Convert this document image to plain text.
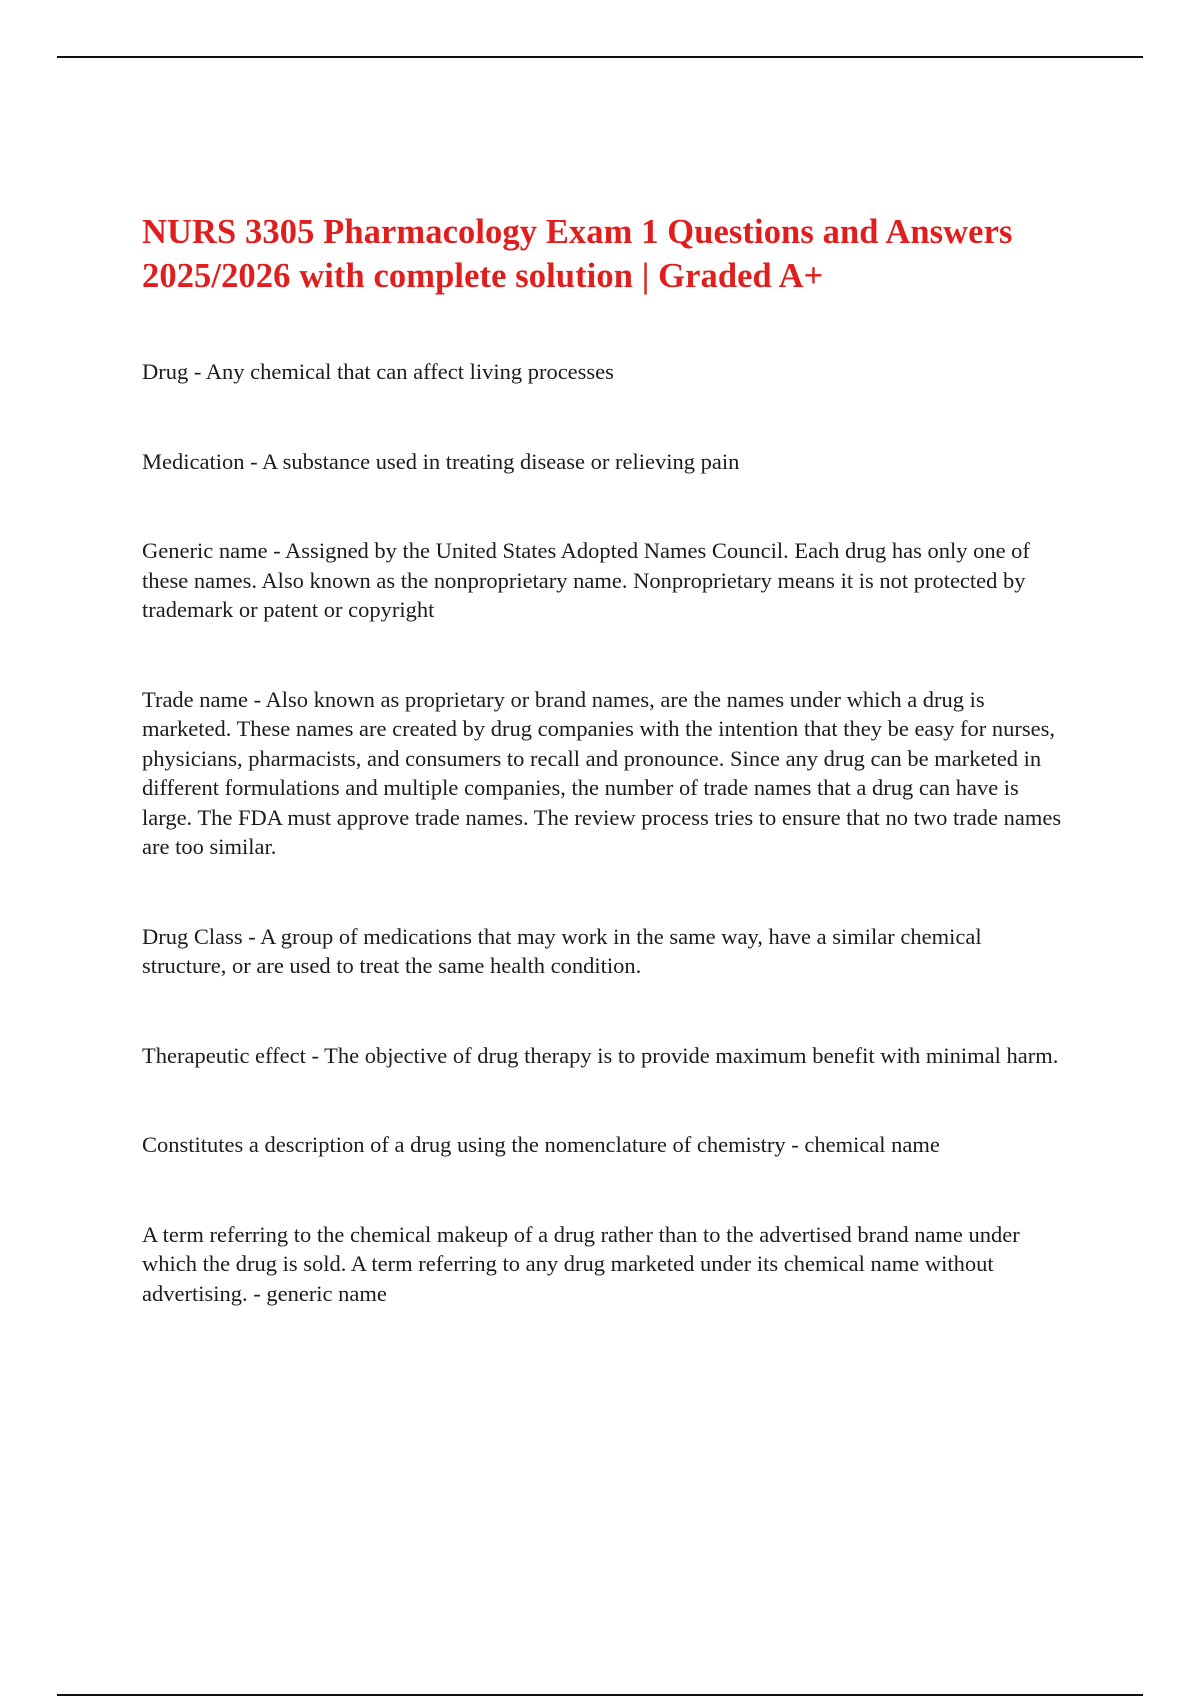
NURS 3305 Pharmacology Exam 1 Questions and Answers 2025/2026 with complete solution | Graded A+

Drug - Any chemical that can affect living processes

Medication - A substance used in treating disease or relieving pain

Generic name - Assigned by the United States Adopted Names Council. Each drug has only one of these names. Also known as the nonproprietary name. Nonproprietary means it is not protected by trademark or patent or copyright

Trade name - Also known as proprietary or brand names, are the names under which a drug is marketed. These names are created by drug companies with the intention that they be easy for nurses, physicians, pharmacists, and consumers to recall and pronounce. Since any drug can be marketed in different formulations and multiple companies, the number of trade names that a drug can have is large. The FDA must approve trade names. The review process tries to ensure that no two trade names are too similar.

Drug Class - A group of medications that may work in the same way, have a similar chemical structure, or are used to treat the same health condition.

Therapeutic effect - The objective of drug therapy is to provide maximum benefit with minimal harm.

Constitutes a description of a drug using the nomenclature of chemistry - chemical name

A term referring to the chemical makeup of a drug rather than to the advertised brand name under which the drug is sold. A term referring to any drug marketed under its chemical name without advertising. - generic name
